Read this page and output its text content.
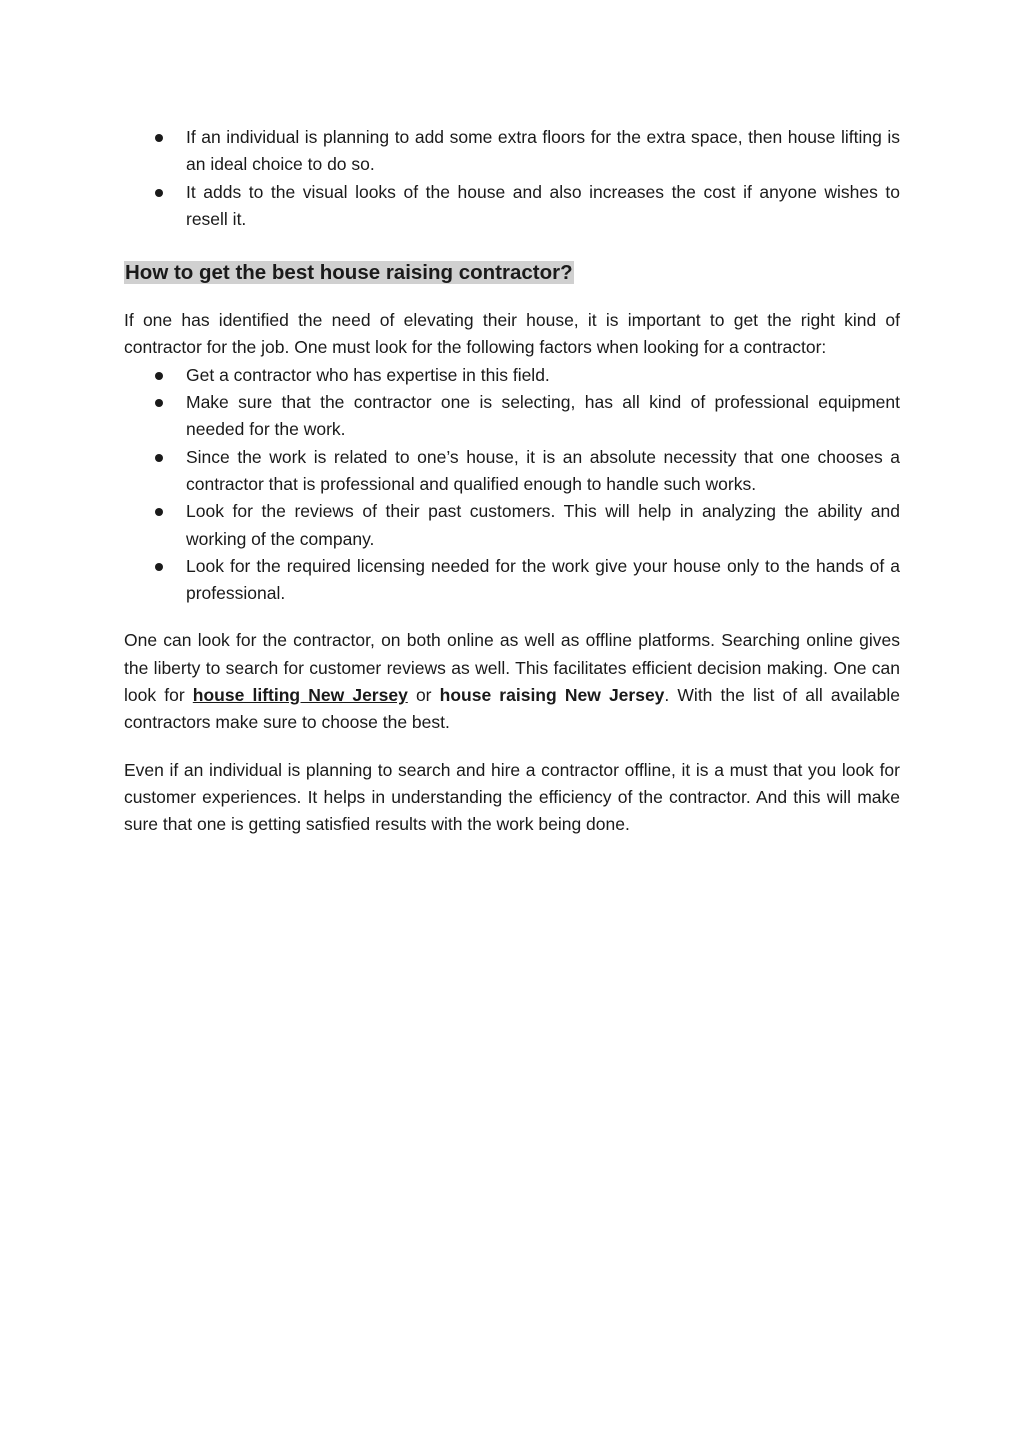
If an individual is planning to add some extra floors for the extra space, then house lifting is an ideal choice to do so.
It adds to the visual looks of the house and also increases the cost if anyone wishes to resell it.
How to get the best house raising contractor?

If one has identified the need of elevating their house, it is important to get the right kind of contractor for the job. One must look for the following factors when looking for a contractor:

Get a contractor who has expertise in this field.
Make sure that the contractor one is selecting, has all kind of professional equipment needed for the work.
Since the work is related to one’s house, it is an absolute necessity that one chooses a contractor that is professional and qualified enough to handle such works.
Look for the reviews of their past customers. This will help in analyzing the ability and working of the company.
Look for the required licensing needed for the work give your house only to the hands of a professional.

One can look for the contractor, on both online as well as offline platforms. Searching online gives the liberty to search for customer reviews as well. This facilitates efficient decision making. One can look for house lifting New Jersey or house raising New Jersey. With the list of all available contractors make sure to choose the best.

Even if an individual is planning to search and hire a contractor offline, it is a must that you look for customer experiences. It helps in understanding the efficiency of the contractor. And this will make sure that one is getting satisfied results with the work being done.
